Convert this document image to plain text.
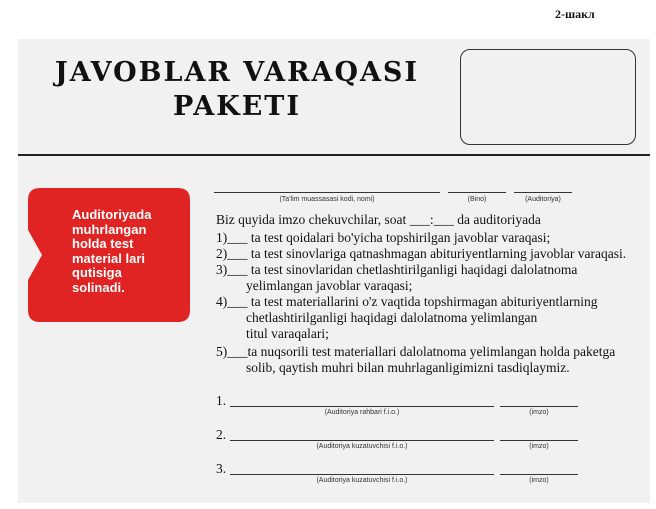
2-шакл
JAVOBLAR VARAQASI
PAKETI
Auditoriyada
muhrlangan
holda test
material lari
qutisiga
solinadi.
(Ta'lim muassasasi kodi, nomi)	(Bino)	(Auditoriya)
Biz quyida imzo chekuvchilar, soat ___:___ da auditoriyada
1)___ ta test qoidalari bo'yicha topshirilgan javoblar varaqasi;
2)___ ta test sinovlariga qatnashmagan abituriyentlarning javoblar varaqasi.
3)___ ta test sinovlaridan chetlashtirilganligi haqidagi dalolatnoma
yelimlangan javoblar varaqasi;
4)___ ta test materiallarini o'z vaqtida topshirmagan abituriyentlarning
chetlashtirilganligi haqidagi dalolatnoma yelimlangan
titul varaqalari;
5)___ta nuqsorili test materiallari dalolatnoma yelimlangan holda paketga
solib, qaytish muhri bilan muhrlaganligimizni tasdiqlaymiz.
1.
(Auditoriya rahbari f.i.o.)	(imzo)
2.
(Auditoriya kuzatuvchisi f.i.o.)	(imzo)
3.
(Auditoriya kuzatuvchisi f.i.o.)	(imzo)
